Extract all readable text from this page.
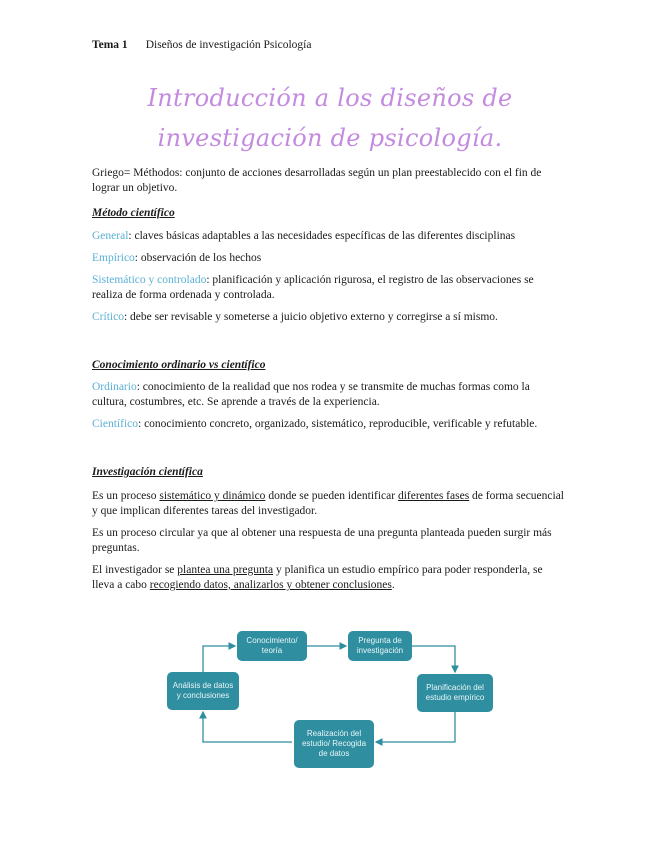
Tema 1 Diseños de investigación Psicología
Introducción a los diseños de investigación de psicología.

Griego= Méthodos: conjunto de acciones desarrolladas según un plan preestablecido con el fin de lograr un objetivo.

Método científico

General: claves básicas adaptables a las necesidades específicas de las diferentes disciplinas

Empírico: observación de los hechos

Sistemático y controlado: planificación y aplicación rigurosa, el registro de las observaciones se realiza de forma ordenada y controlada.

Crítico: debe ser revisable y someterse a juicio objetivo externo y corregirse a sí mismo.

Conocimiento ordinario vs científico

Ordinario: conocimiento de la realidad que nos rodea y se transmite de muchas formas como la cultura, costumbres, etc. Se aprende a través de la experiencia.

Científico: conocimiento concreto, organizado, sistemático, reproducible, verificable y refutable.

Investigación científica

Es un proceso sistemático y dinámico donde se pueden identificar diferentes fases de forma secuencial y que implican diferentes tareas del investigador.

Es un proceso circular ya que al obtener una respuesta de una pregunta planteada pueden surgir más preguntas.

El investigador se plantea una pregunta y planifica un estudio empírico para poder responderla, se lleva a cabo recogiendo datos, analizarlos y obtener conclusiones.

Conocimiento/ teoría
Pregunta de investigación
Planificación del estudio empírico
Realización del estudio/ Recogida de datos
Análisis de datos y conclusiones
